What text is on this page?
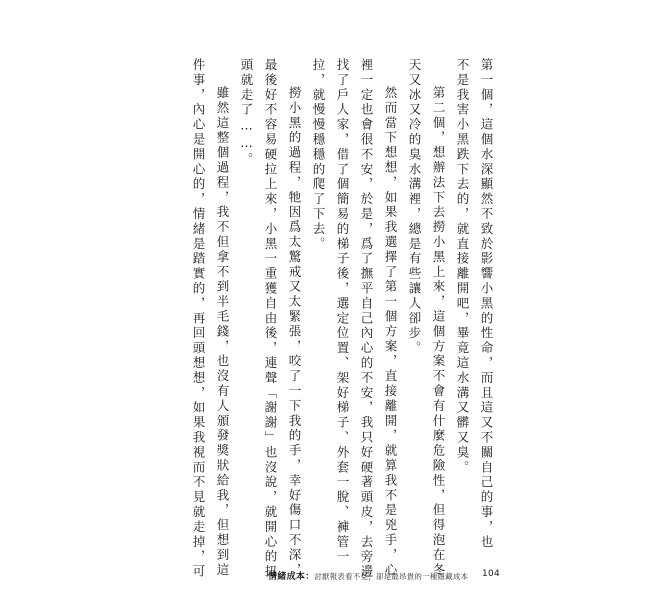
第一個，這個水深顯然不致於影響小黑的性命，而且這又不關自己的事，也
不是我害小黑跌下去的，就直接離開吧，畢竟這水溝又髒又臭。
第二個，想辦法下去撈小黑上來，這個方案不會有什麼危險性，但得泡在冬
天又冰又冷的臭水溝裡，總是有些讓人卻步。
然而當下想想，如果我選擇了第一個方案，直接離開，就算我不是兇手，心
裡一定也會很不安，於是，爲了撫平自己內心的不安，我只好硬著頭皮，去旁邊
找了戶人家，借了個簡易的梯子後，選定位置、架好梯子、外套一脫、褲管一
拉，就慢慢穩穩的爬了下去。
撈小黑的過程，牠因爲太驚戒又太緊張，咬了一下我的手，幸好傷口不深，
最後好不容易硬拉上來，小黑一重獲自由後，連聲「謝謝」也沒說，就開心的扭
頭就走了……。
雖然這整個過程，我不但拿不到半毛錢，也沒有人頒發獎狀給我，但想到這
件事，內心是開心的，情緒是踏實的，再回頭想想，如果我視而不見就走掉，可	情緒成本 ： 討厭報表看不見，卻是最昂貴的一種隱藏成本 104
